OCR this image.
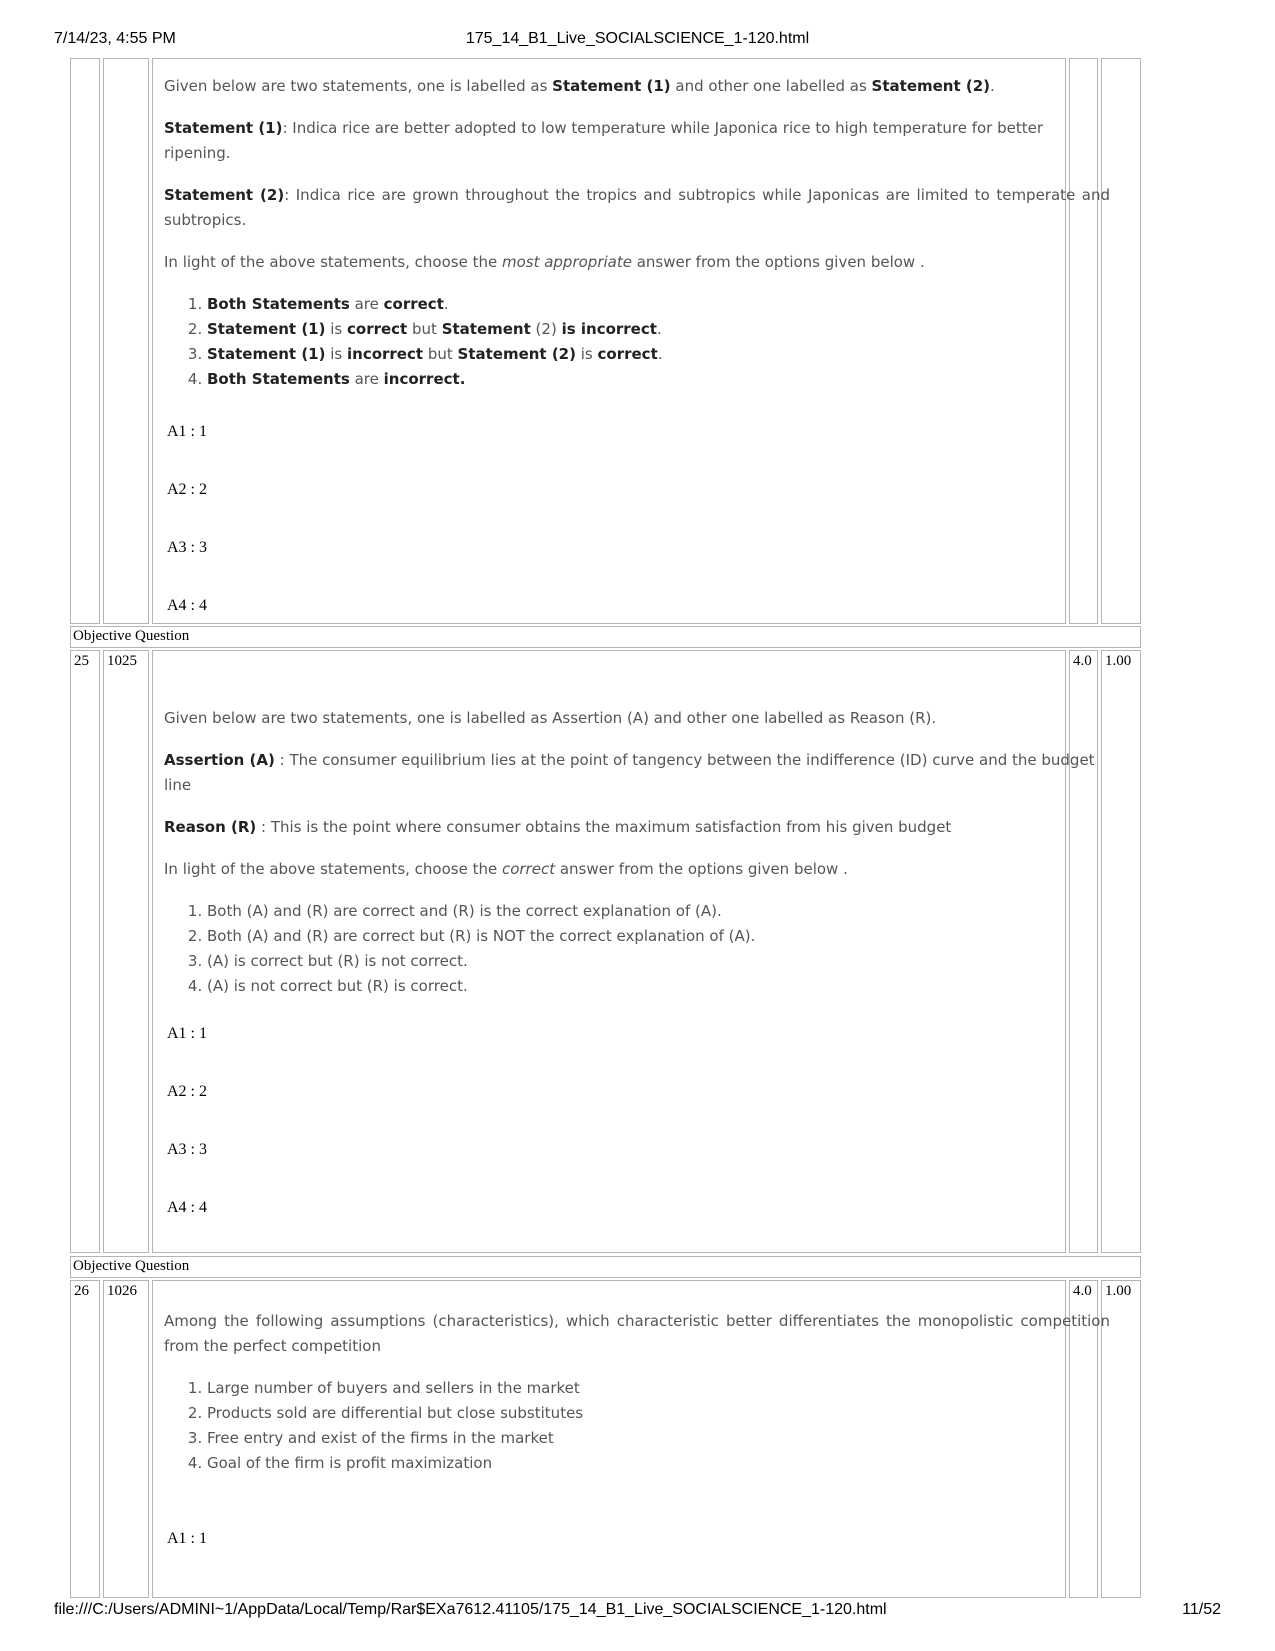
7/14/23, 4:55 PM	175_14_B1_Live_SOCIALSCIENCE_1-120.html

Given below are two statements, one is labelled as Statement (1) and other one labelled as Statement (2).

Statement (1): Indica rice are better adopted to low temperature while Japonica rice to high temperature for better ripening.

Statement (2): Indica rice are grown throughout the tropics and subtropics while Japonicas are limited to temperate and subtropics.

In light of the above statements, choose the most appropriate answer from the options given below .

1. Both Statements are correct.
2. Statement (1) is correct but Statement (2) is incorrect.
3. Statement (1) is incorrect but Statement (2) is correct.
4. Both Statements are incorrect.
A1 : 1
A2 : 2
A3 : 3
A4 : 4
Objective Question
25	1025	4.0 1.00

Given below are two statements, one is labelled as Assertion (A) and other one labelled as Reason (R).

Assertion (A) : The consumer equilibrium lies at the point of tangency between the indifference (ID) curve and the budget line

Reason (R) : This is the point where consumer obtains the maximum satisfaction from his given budget

In light of the above statements, choose the correct answer from the options given below .

1. Both (A) and (R) are correct and (R) is the correct explanation of (A).
2. Both (A) and (R) are correct but (R) is NOT the correct explanation of (A).
3. (A) is correct but (R) is not correct.
4. (A) is not correct but (R) is correct.
A1 : 1
A2 : 2
A3 : 3
A4 : 4
Objective Question
26	1026	4.0 1.00

Among the following assumptions (characteristics), which characteristic better differentiates the monopolistic competition from the perfect competition

1. Large number of buyers and sellers in the market
2. Products sold are differential but close substitutes
3. Free entry and exist of the firms in the market
4. Goal of the firm is profit maximization
A1 : 1
file:///C:/Users/ADMINI~1/AppData/Local/Temp/Rar$EXa7612.41105/175_14_B1_Live_SOCIALSCIENCE_1-120.html	11/52
